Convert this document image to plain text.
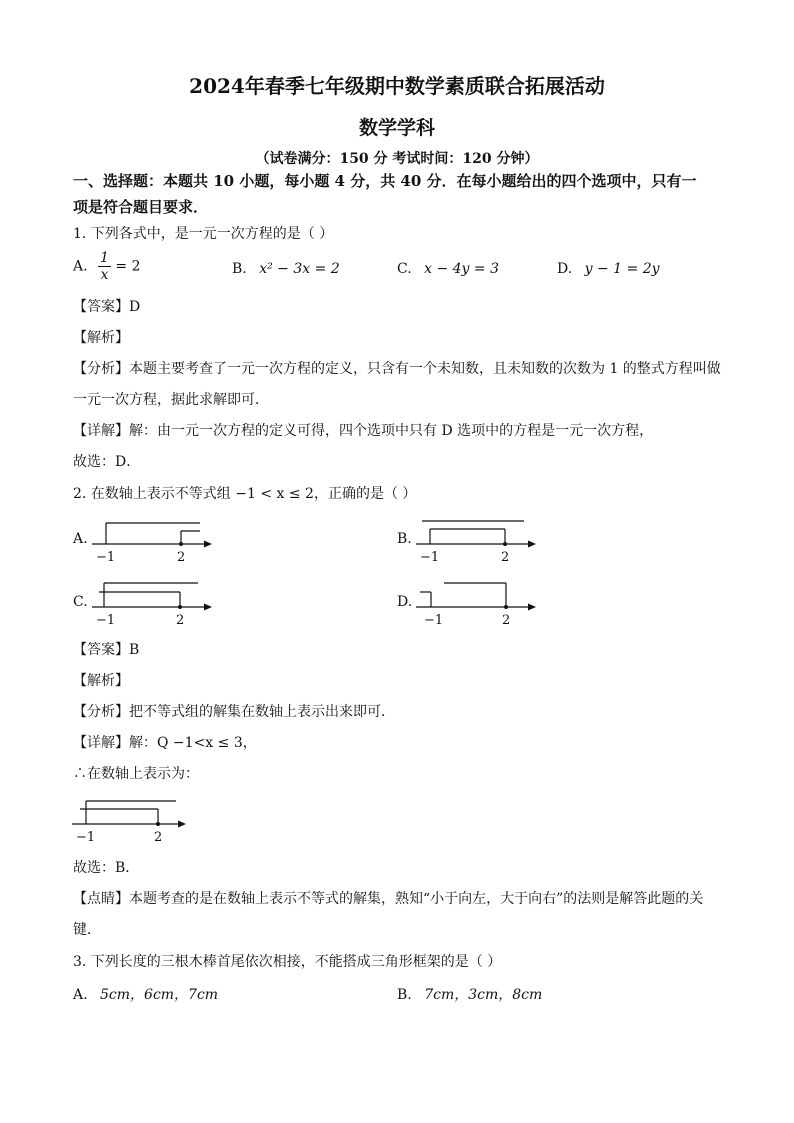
2024年春季七年级期中数学素质联合拓展活动
数学学科
（试卷满分：150 分 考试时间：120 分钟）
一、选择题：本题共 10 小题，每小题 4 分，共 40 分．在每小题给出的四个选项中，只有一
项是符合题目要求．
1. 下列各式中，是一元一次方程的是（ ）
A. $\frac{1}{x} = 2$	B. x² − 3x = 2	C. x − 4y = 3	D. y − 1 = 2y
【答案】D
【解析】
【分析】本题主要考查了一元一次方程的定义，只含有一个未知数，且未知数的次数为 1 的整式方程叫做
一元一次方程，据此求解即可．
【详解】解：由一元一次方程的定义可得，四个选项中只有 D 选项中的方程是一元一次方程，
故选：D．
2. 在数轴上表示不等式组 −1 < x ≤ 2，正确的是（ ）
A.
−1	2
B.
−1	2
C.
−1	2
D.
−1	2
【答案】B
【解析】
【分析】把不等式组的解集在数轴上表示出来即可．
【详解】解：Q −1<x ≤ 3，
∴在数轴上表示为：
−1	2
故选：B．
【点睛】本题考查的是在数轴上表示不等式的解集，熟知“小于向左，大于向右”的法则是解答此题的关
键．
3. 下列长度的三根木棒首尾依次相接，不能搭成三角形框架的是（ ）
A. 5cm，6cm，7cm	B. 7cm，3cm，8cm
